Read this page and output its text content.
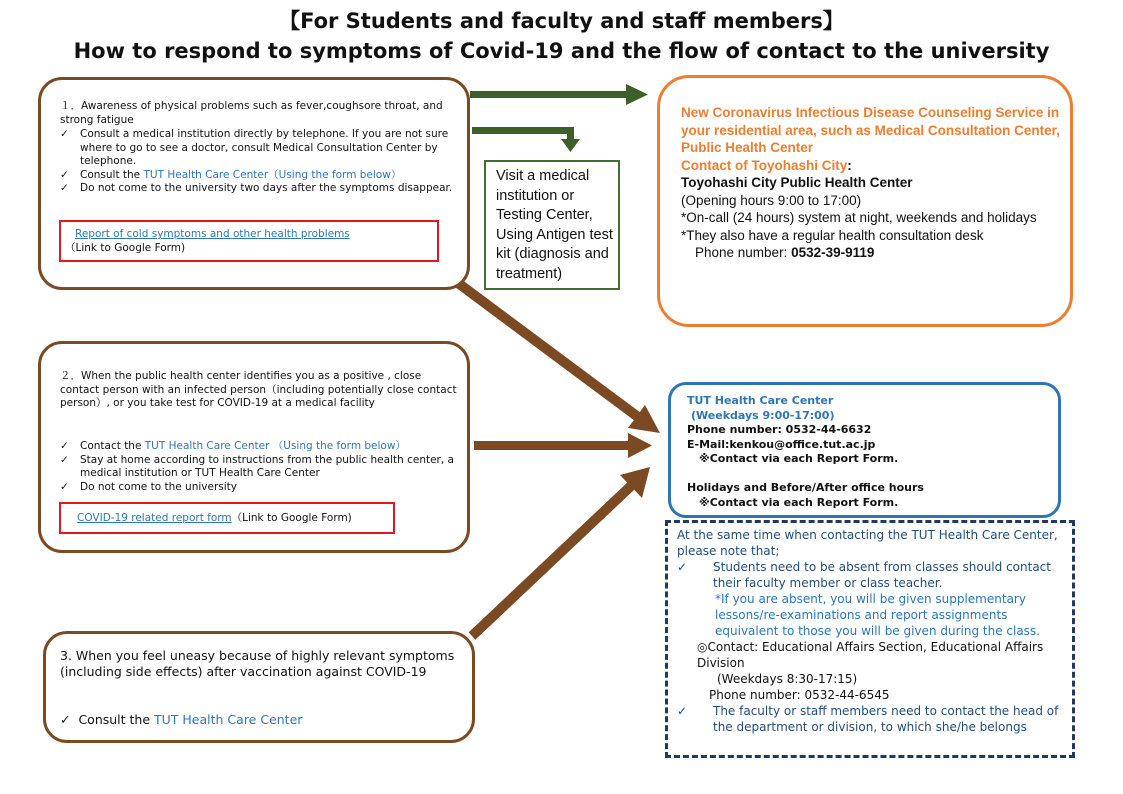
【For Students and faculty and staff members】
How to respond to symptoms of Covid-19 and the flow of contact to the university
１．Awareness of physical problems such as fever,coughsore throat, and strong fatigue
✓ Consult a medical institution directly by telephone. If you are not sure where to go to see a doctor, consult Medical Consultation Center by telephone.
✓ Consult the TUT Health Care Center（Using the form below）
✓ Do not come to the university two days after the symptoms disappear.
Report of cold symptoms and other health problems
（Link to Google Form)
Visit a medical institution or Testing Center, Using Antigen test kit (diagnosis and treatment)
New Coronavirus Infectious Disease Counseling Service in your residential area, such as Medical Consultation Center, Public Health Center
Contact of Toyohashi City:
Toyohashi City Public Health Center
(Opening hours 9:00 to 17:00)
*On-call (24 hours) system at night, weekends and holidays
*They also have a regular health consultation desk
Phone number: 0532-39-9119
２．When the public health center identifies you as a positive , close contact person with an infected person（including potentially close contact person）, or you take test for COVID-19 at a medical facility
✓ Contact the TUT Health Care Center （Using the form below）
✓ Stay at home according to instructions from the public health center, a medical institution or TUT Health Care Center
✓ Do not come to the university
COVID-19 related report form（Link to Google Form)
TUT Health Care Center
(Weekdays 9:00-17:00)
Phone number: 0532-44-6632
E-Mail:kenkou@office.tut.ac.jp
※Contact via each Report Form.
Holidays and Before/After office hours
※Contact via each Report Form.
3. When you feel uneasy because of highly relevant symptoms (including side effects) after vaccination against COVID-19
✓ Consult the TUT Health Care Center
At the same time when contacting the TUT Health Care Center, please note that;
✓ Students need to be absent from classes should contact their faculty member or class teacher.
*If you are absent, you will be given supplementary lessons/re-examinations and report assignments equivalent to those you will be given during the class.
◎Contact: Educational Affairs Section, Educational Affairs Division
(Weekdays 8:30-17:15)
Phone number: 0532-44-6545
✓ The faculty or staff members need to contact the head of the department or division, to which she/he belongs
